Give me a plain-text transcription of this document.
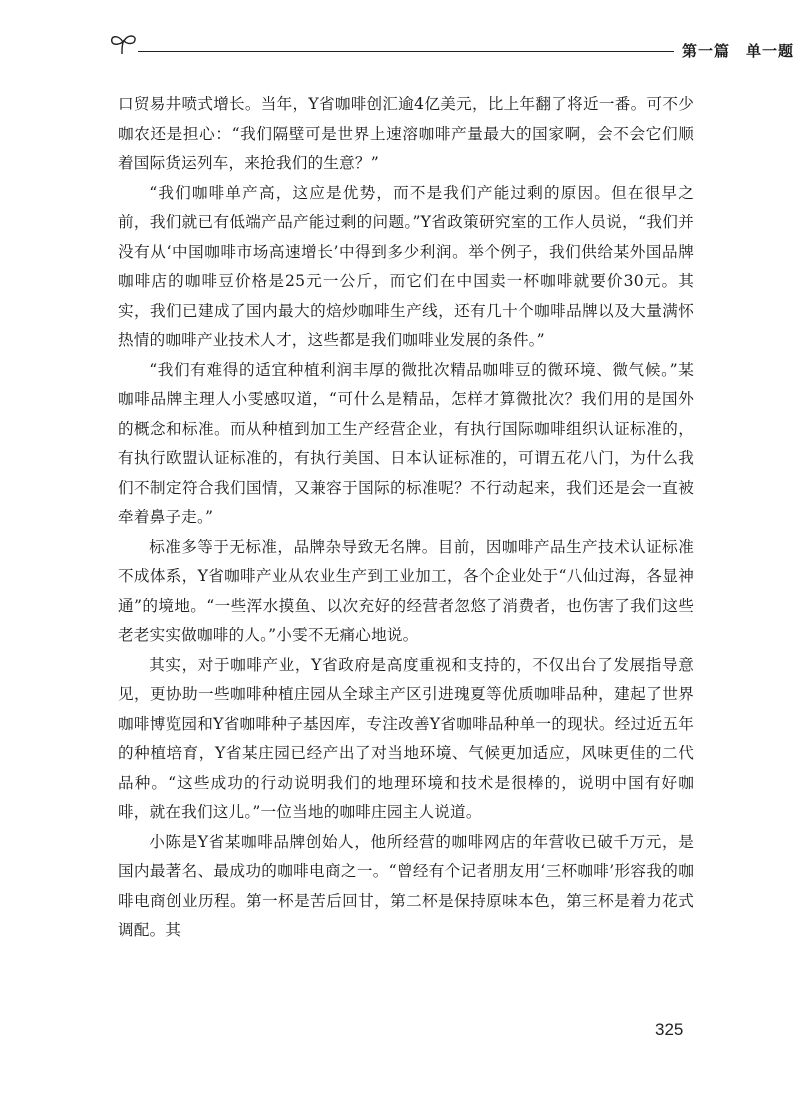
第一篇　单一题

口贸易井喷式增长。当年，Y省咖啡创汇逾4亿美元，比上年翻了将近一番。可不少咖农还是担心：“我们隔壁可是世界上速溶咖啡产量最大的国家啊，会不会它们顺着国际货运列车，来抢我们的生意？”

“我们咖啡单产高，这应是优势，而不是我们产能过剩的原因。但在很早之前，我们就已有低端产品产能过剩的问题。”Y省政策研究室的工作人员说，“我们并没有从‘中国咖啡市场高速增长’中得到多少利润。举个例子，我们供给某外国品牌咖啡店的咖啡豆价格是25元一公斤，而它们在中国卖一杯咖啡就要价30元。其实，我们已建成了国内最大的焙炒咖啡生产线，还有几十个咖啡品牌以及大量满怀热情的咖啡产业技术人才，这些都是我们咖啡业发展的条件。”

“我们有难得的适宜种植利润丰厚的微批次精品咖啡豆的微环境、微气候。”某咖啡品牌主理人小雯感叹道，“可什么是精品，怎样才算微批次？我们用的是国外的概念和标准。而从种植到加工生产经营企业，有执行国际咖啡组织认证标准的，有执行欧盟认证标准的，有执行美国、日本认证标准的，可谓五花八门，为什么我们不制定符合我们国情，又兼容于国际的标准呢？不行动起来，我们还是会一直被牵着鼻子走。”

标准多等于无标准，品牌杂导致无名牌。目前，因咖啡产品生产技术认证标准不成体系，Y省咖啡产业从农业生产到工业加工，各个企业处于“八仙过海，各显神通”的境地。“一些浑水摸鱼、以次充好的经营者忽悠了消费者，也伤害了我们这些老老实实做咖啡的人。”小雯不无痛心地说。

其实，对于咖啡产业，Y省政府是高度重视和支持的，不仅出台了发展指导意见，更协助一些咖啡种植庄园从全球主产区引进瑰夏等优质咖啡品种，建起了世界咖啡博览园和Y省咖啡种子基因库，专注改善Y省咖啡品种单一的现状。经过近五年的种植培育，Y省某庄园已经产出了对当地环境、气候更加适应，风味更佳的二代品种。“这些成功的行动说明我们的地理环境和技术是很棒的，说明中国有好咖啡，就在我们这儿。”一位当地的咖啡庄园主人说道。

小陈是Y省某咖啡品牌创始人，他所经营的咖啡网店的年营收已破千万元，是国内最著名、最成功的咖啡电商之一。“曾经有个记者朋友用‘三杯咖啡’形容我的咖啡电商创业历程。第一杯是苦后回甘，第二杯是保持原味本色，第三杯是着力花式调配。其

325
